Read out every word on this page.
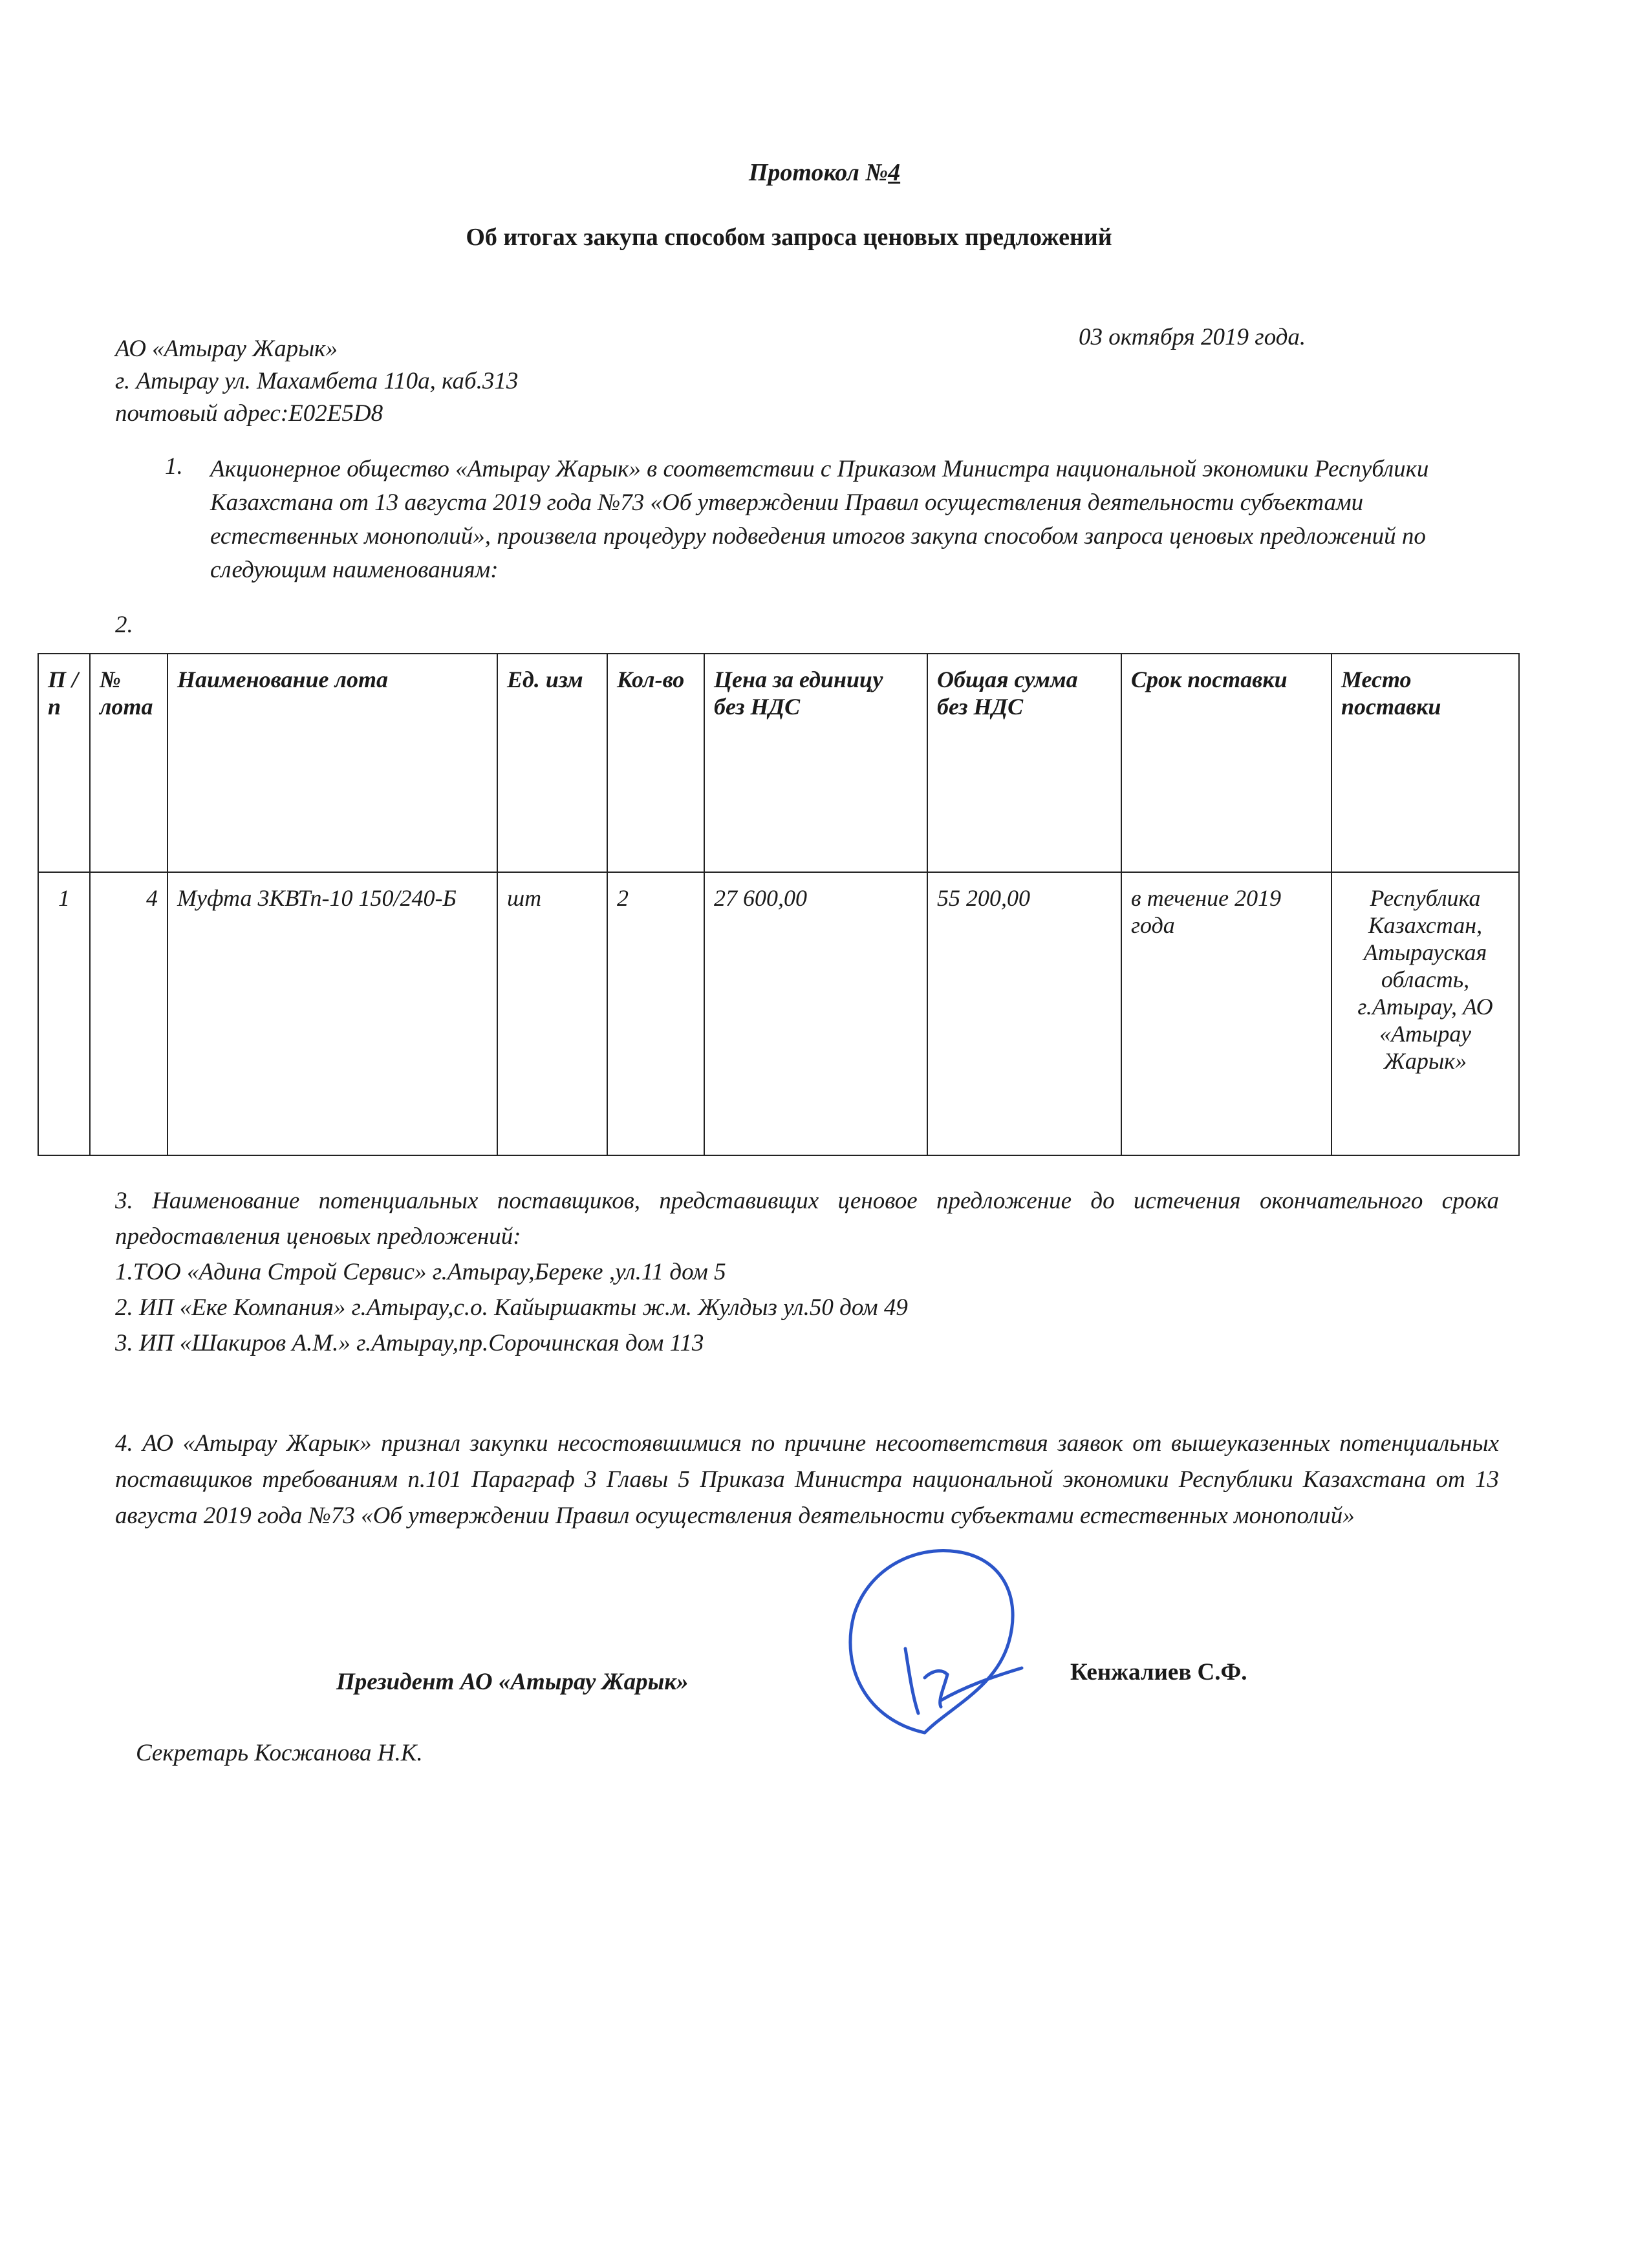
Протокол №4
Об итогах закупа способом запроса ценовых предложений
АО «Атырау Жарык»
г. Атырау ул. Махамбета 110а, каб.313
почтовый адрес:E02E5D8
03 октября 2019 года.
1. Акционерное общество «Атырау Жарык» в соответствии с Приказом Министра национальной экономики Республики Казахстана от 13 августа 2019 года №73 «Об утверждении Правил осуществления деятельности субъектами естественных монополий», произвела процедуру подведения итогов закупа способом запроса ценовых предложений по следующим наименованиям:
2.
П / п	№ лота	Наименование лота	Ед. изм	Кол-во	Цена за единицу без НДС	Общая сумма без НДС	Срок поставки	Место поставки
1	4	Муфта 3КВТп-10 150/240-Б	шт	2	27 600,00	55 200,00	в течение 2019 года	Республика Казахстан, Атырауская область, г.Атырау, АО «Атырау Жарык»
3. Наименование потенциальных поставщиков, представивщих ценовое предложение до истечения окончательного срока предоставления ценовых предложений:
1.ТОО «Адина Строй Сервис» г.Атырау,Береке ,ул.11 дом 5
2. ИП «Еке Компания» г.Атырау,с.о. Кайыршакты ж.м. Жулдыз ул.50 дом 49
3. ИП «Шакиров А.М.» г.Атырау,пр.Сорочинская дом 113
4. АО «Атырау Жарык» признал закупки несостоявшимися по причине несоответствия заявок от вышеуказенных потенциальных поставщиков требованиям п.101 Параграф 3 Главы 5 Приказа Министра национальной экономики Республики Казахстана от 13 августа 2019 года №73 «Об утверждении Правил осуществления деятельности субъектами естественных монополий»
Президент АО «Атырау Жарык»	Кенжалиев С.Ф.
Секретарь Косжанова Н.К.
